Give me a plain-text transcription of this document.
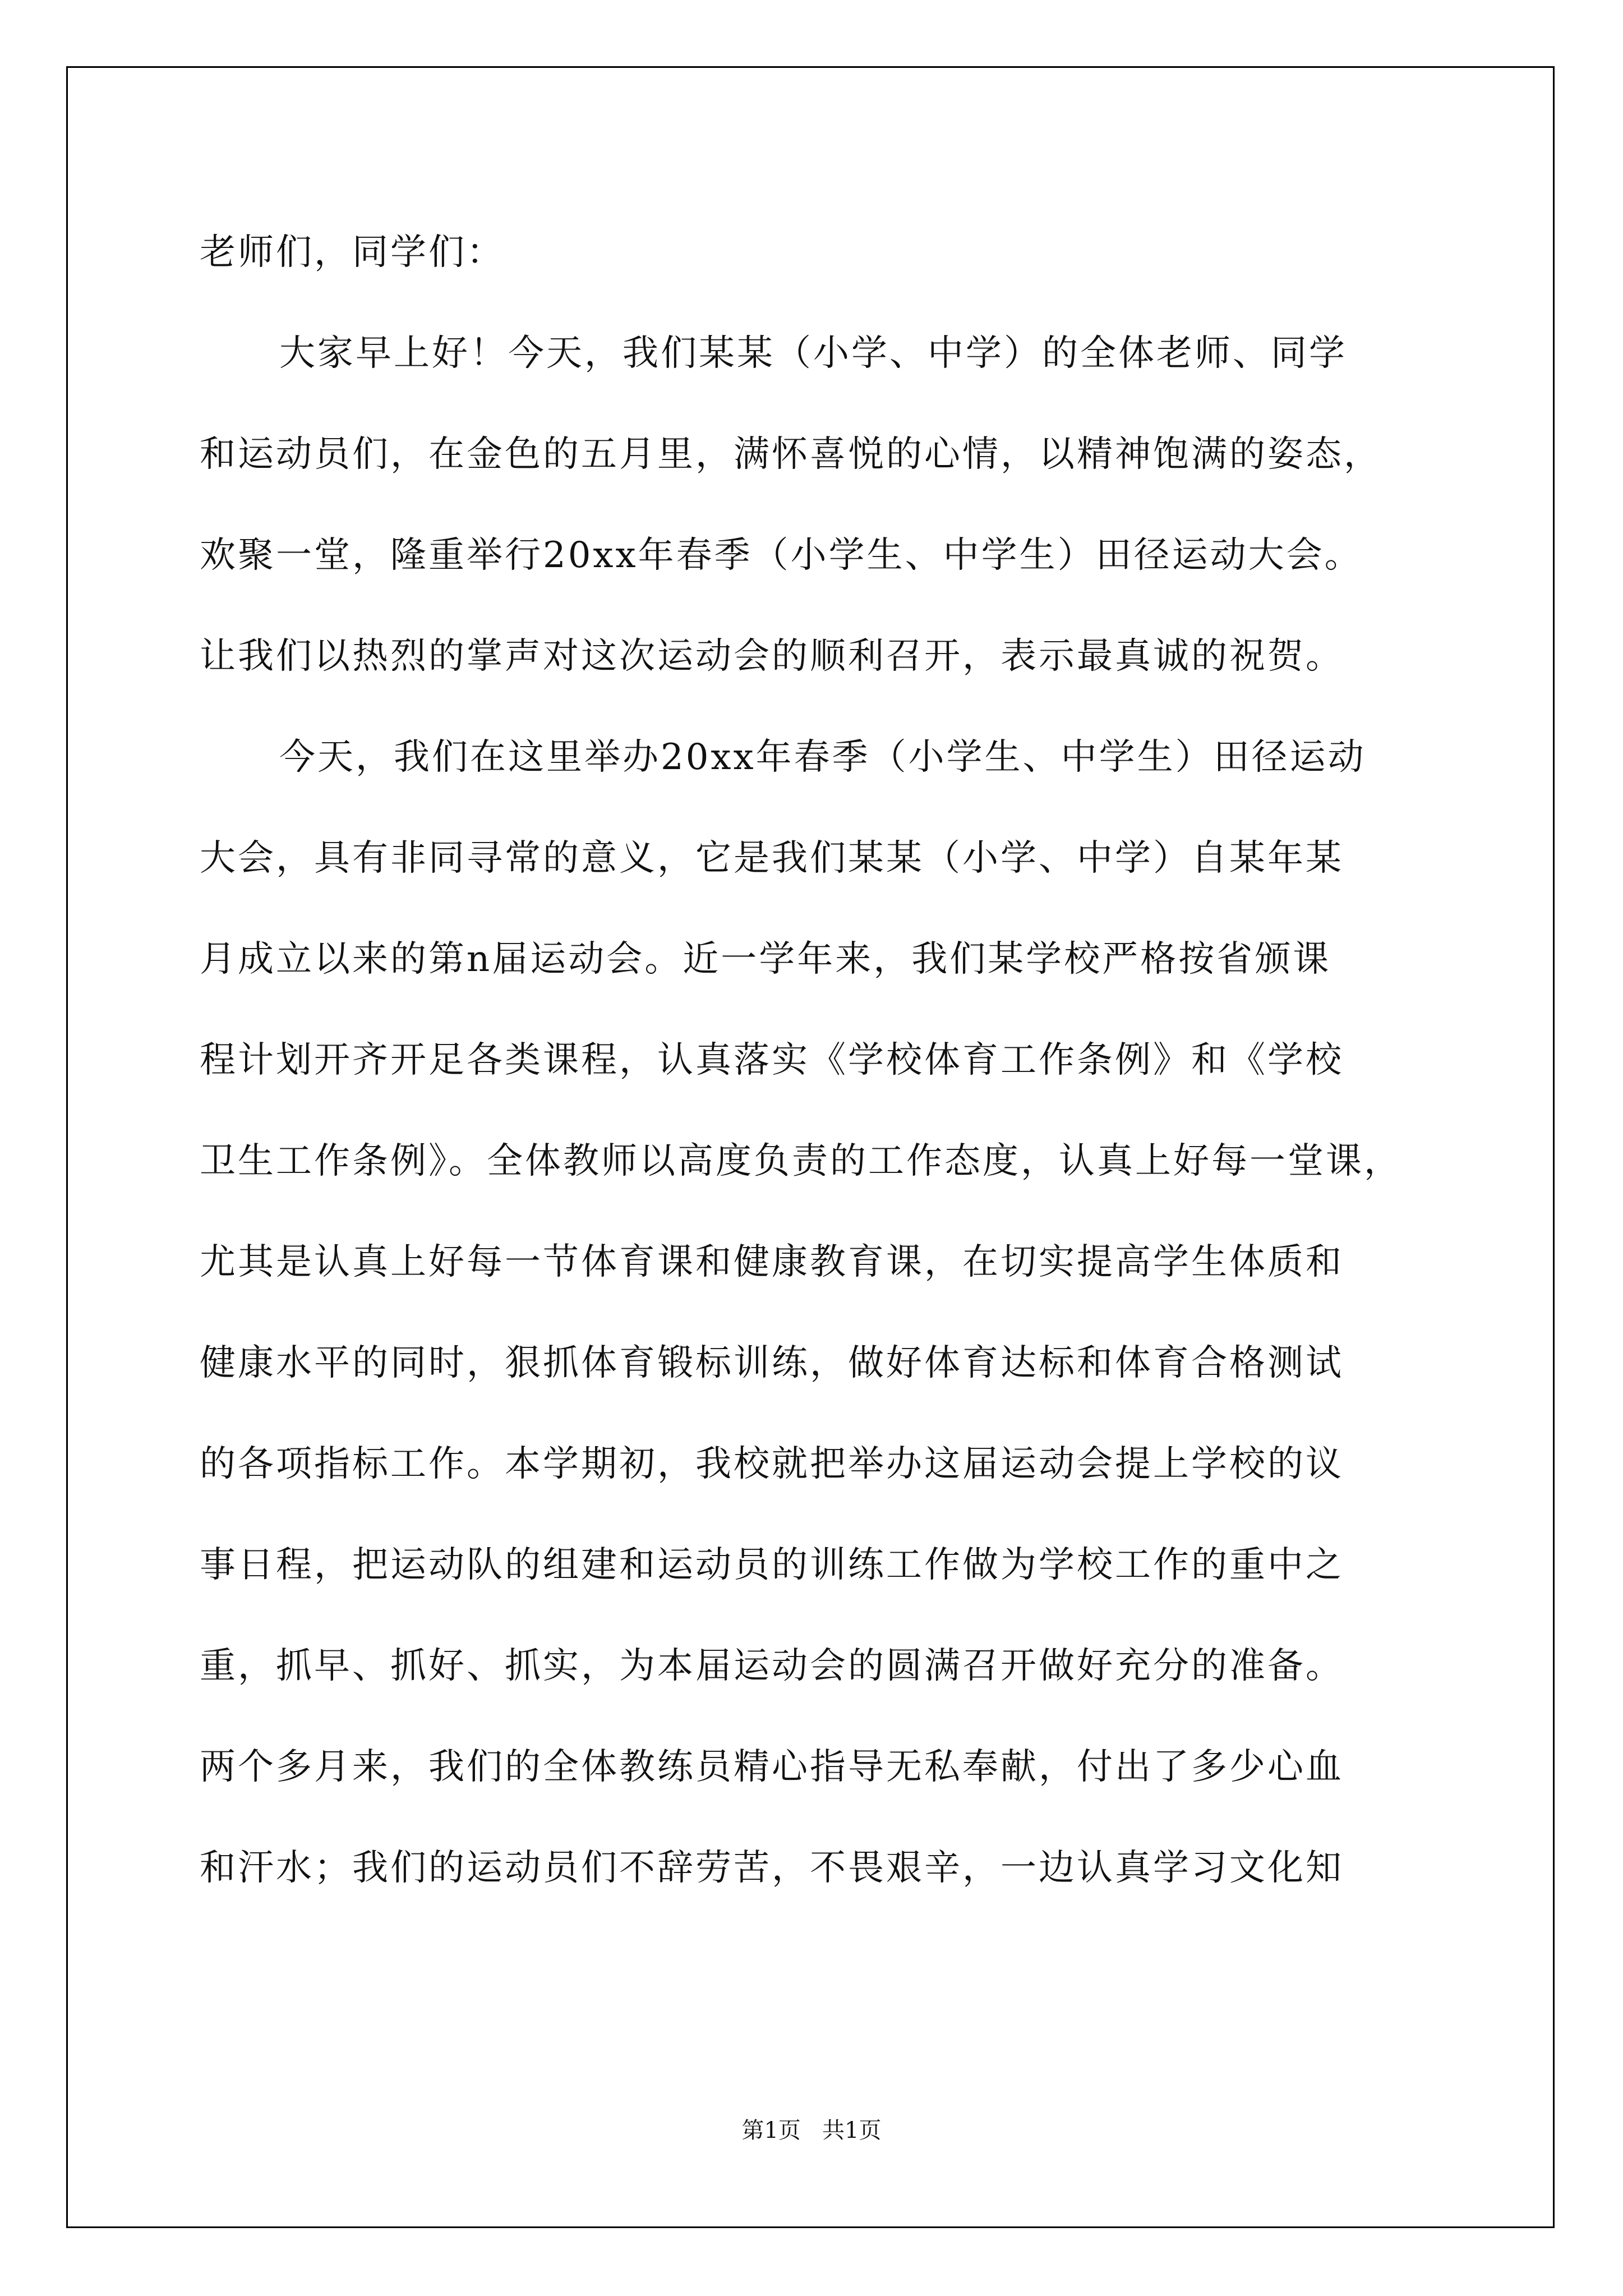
老师们，同学们：
大家早上好！今天，我们某某（小学、中学）的全体老师、同学
和运动员们，在金色的五月里，满怀喜悦的心情，以精神饱满的姿态，
欢聚一堂，隆重举行20xx年春季（小学生、中学生）田径运动大会。
让我们以热烈的掌声对这次运动会的顺利召开，表示最真诚的祝贺。
今天，我们在这里举办20xx年春季（小学生、中学生）田径运动
大会，具有非同寻常的意义，它是我们某某（小学、中学）自某年某
月成立以来的第n届运动会。近一学年来，我们某学校严格按省颁课
程计划开齐开足各类课程，认真落实《学校体育工作条例》和《学校
卫生工作条例》。全体教师以高度负责的工作态度，认真上好每一堂课，
尤其是认真上好每一节体育课和健康教育课，在切实提高学生体质和
健康水平的同时，狠抓体育锻标训练，做好体育达标和体育合格测试
的各项指标工作。本学期初，我校就把举办这届运动会提上学校的议
事日程，把运动队的组建和运动员的训练工作做为学校工作的重中之
重，抓早、抓好、抓实，为本届运动会的圆满召开做好充分的准备。
两个多月来，我们的全体教练员精心指导无私奉献，付出了多少心血
和汗水；我们的运动员们不辞劳苦，不畏艰辛，一边认真学习文化知
第1页   共1页
